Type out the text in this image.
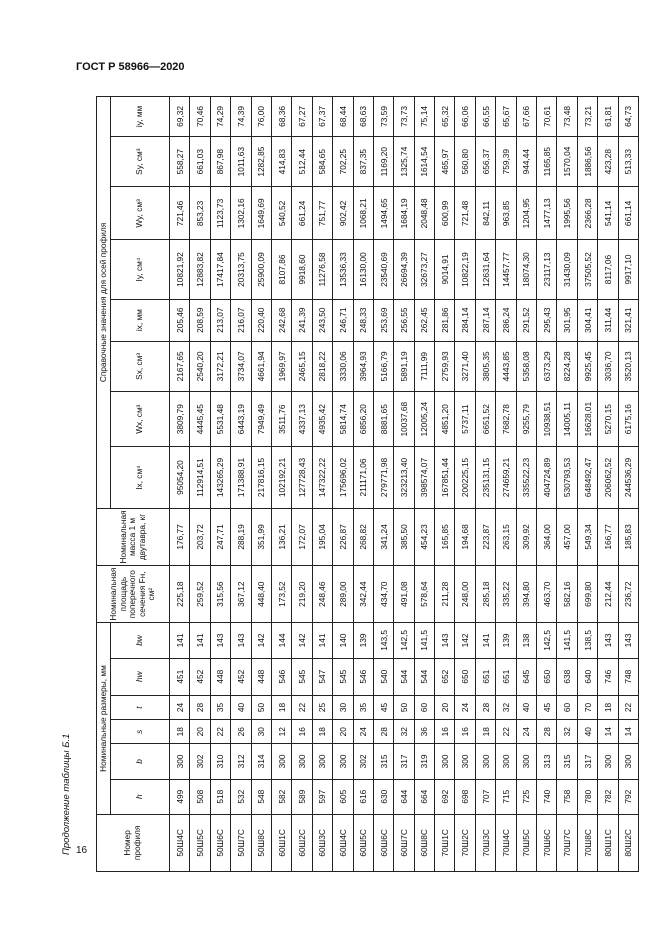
ГОСТ Р 58966—2020
16
Продолжение таблицы Б.1	Номер профиля	Номинальные размеры, мм						Номинальная площадь поперечного сечения Fн, см²	Номинальная масса 1 м двутавра, кг	Справочные значения для осей профиля							
	h	b	s	t	hw	bw			Ix, см⁴	Wx, см³	Sx, см³	ix, мм	Iy, см⁴	Wy, см³	Sy, см³	iy, мм
50Ш4С	499	300	18	24	451	141	225,18	176,77	95054,20	3809,79	2167,65	205,46	10821,92	721,46	558,27	69,32
50Ш5С	508	302	20	28	452	141	259,52	203,72	112914,51	4445,45	2540,20	208,59	12883,82	853,23	661,03	70,46
50Ш6С	518	310	22	35	448	143	315,56	247,71	143265,29	5531,48	3172,21	213,07	17417,84	1123,73	867,98	74,29
50Ш7С	532	312	26	40	452	143	367,12	288,19	171388,91	6443,19	3734,07	216,07	20313,75	1302,16	1011,63	74,39
50Ш8С	548	314	30	50	448	142	448,40	351,99	217816,15	7949,49	4661,94	220,40	25900,09	1649,69	1282,85	76,00
60Ш1С	582	300	12	18	546	144	173,52	136,21	102192,21	3511,76	1969,97	242,68	8107,86	540,52	414,83	68,36
60Ш2С	589	300	16	22	545	142	219,20	172,07	127728,43	4337,13	2465,15	241,39	9918,60	661,24	512,44	67,27
60Ш3С	597	300	18	25	547	141	248,46	195,04	147322,22	4935,42	2818,22	243,50	11276,58	751,77	584,65	67,37
60Ш4С	605	300	20	30	545	140	289,00	226,87	175696,02	5814,74	3330,06	246,71	13536,33	902,42	702,25	68,44
60Ш5С	616	302	24	35	546	139	342,44	268,82	211171,06	6856,20	3964,93	248,33	16130,00	1068,21	837,35	68,63
60Ш6С	630	315	28	45	540	143,5	434,70	341,24	279771,98	8881,65	5166,79	253,69	23540,69	1494,65	1169,20	73,59
60Ш7С	644	317	32	50	544	142,5	491,08	385,50	323213,40	10037,68	5891,19	256,55	26694,39	1684,19	1325,74	73,73
60Ш8С	664	319	36	60	544	141,5	578,64	454,23	398574,07	12005,24	7111,99	262,45	32673,27	2048,48	1614,54	75,14
70Ш1С	692	300	16	20	652	143	211,28	165,85	167851,44	4851,20	2759,93	281,86	9014,91	600,99	465,97	65,32
70Ш2С	698	300	16	24	650	142	248,00	194,68	200225,15	5737,11	3271,40	284,14	10822,19	721,48	560,80	66,06
70Ш3С	707	300	18	28	651	141	285,18	223,87	235131,15	6651,52	3805,35	287,14	12631,64	842,11	656,37	66,55
70Ш4С	715	300	22	32	651	139	335,22	263,15	274659,21	7682,78	4443,85	286,24	14457,77	963,85	759,39	65,67
70Ш5С	725	300	24	40	645	138	394,80	309,92	335522,23	9255,79	5358,08	291,52	18074,30	1204,95	944,44	67,66
70Ш6С	740	313	28	45	650	142,5	463,70	364,00	404724,89	10938,51	6373,29	295,43	23117,13	1477,13	1165,85	70,61
70Ш7С	758	315	32	60	638	141,5	582,16	457,00	530793,53	14005,11	8224,28	301,95	31430,09	1995,56	1570,04	73,48
70Ш8С	780	317	40	70	640	138,5	699,80	549,34	648492,47	16628,01	9925,45	304,41	37505,52	2366,28	1886,56	73,21
80Ш1С	782	300	14	18	746	143	212,44	166,77	206062,52	5270,15	3036,70	311,44	8117,06	541,14	423,28	61,81
80Ш2С	792	300	14	22	748	143	236,72	185,83	244536,29	6175,16	3520,13	321,41	9917,10	661,14	513,33	64,73
